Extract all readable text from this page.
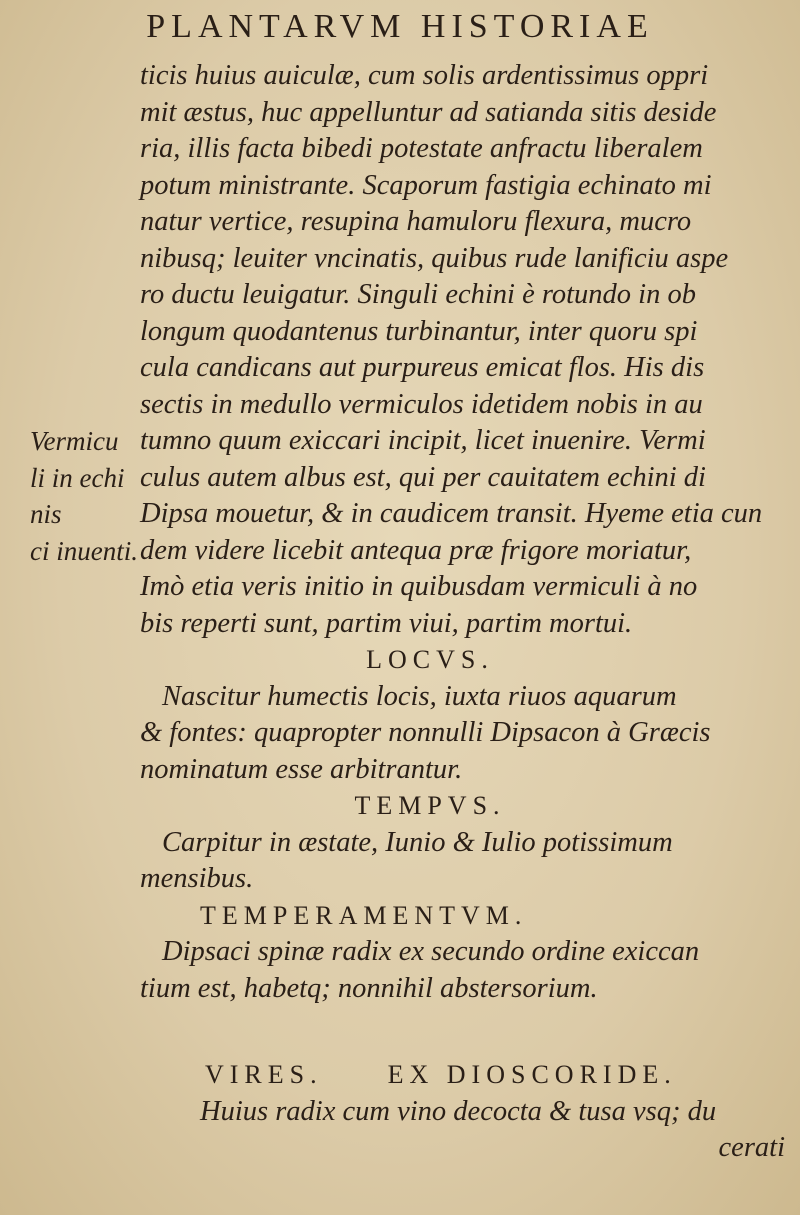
PLANTARVM HISTORIAE
Vermicu
li in echi
nis
ci inuenti.
ticis huius auiculæ, cum solis ardentissimus oppri
mit æstus, huc appelluntur ad satianda sitis deside
ria, illis facta bibedi potestate anfractu liberalem
potum ministrante. Scaporum fastigia echinato mi
natur vertice, resupina hamuloru flexura, mucro
nibusq; leuiter vncinatis, quibus rude lanificiu aspe
ro ductu leuigatur. Singuli echini è rotundo in ob
longum quodantenus turbinantur, inter quoru spi
cula candicans aut purpureus emicat flos. His dis
sectis in medullo vermiculos idetidem nobis in au
tumno quum exiccari incipit, licet inuenire. Vermi
culus autem albus est, qui per cauitatem echini di
Dipsa mouetur, & in caudicem transit. Hyeme etia cun
dem videre licebit antequa præ frigore moriatur,
Imò etia veris initio in quibusdam vermiculi à no
bis reperti sunt, partim viui, partim mortui.
LOCVS.
Nascitur humectis locis, iuxta riuos aquarum
& fontes: quapropter nonnulli Dipsacon à Græcis
nominatum esse arbitrantur.
TEMPVS.
Carpitur in æstate, Iunio & Iulio potissimum
mensibus.
TEMPERAMENTVM.
Dipsaci spinæ radix ex secundo ordine exiccan
tium est, habetq; nonnihil abstersorium.
VIRES.	EX DIOSCORIDE.
Huius radix cum vino decocta & tusa vsq; du
cerati
